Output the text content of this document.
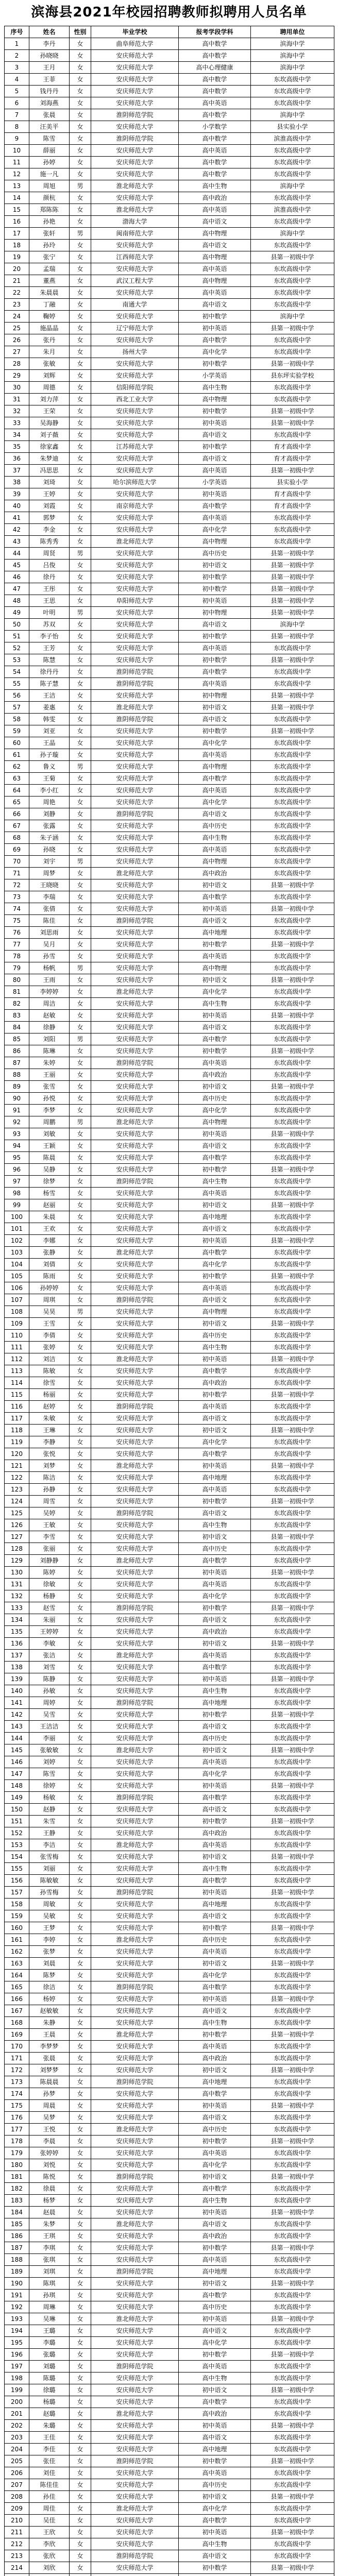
滨海县2021年校园招聘教师拟聘用人员名单
序号	姓名	性别	毕业学校	报考学段学科	聘用单位
1	李丹	女	曲阜师范大学	高中数学	滨海中学
2	孙晓晓	女	安庆师范大学	高中数学	滨海中学
3	王月	女	安庆师范大学	高中心理健康	滨海中学
4	王菲	女	安庆师范大学	高中数学	东坎高级中学
5	钱丹丹	女	安庆师范大学	高中数学	东坎高级中学
6	刘海燕	女	安庆师范大学	高中英语	东坎高级中学
7	张晨	女	淮阴师范学院	高中数学	滨海中学
8	汪美平	女	安庆师范大学	小学数学	县实验小学
9	陈雪	女	淮阴师范学院	高中数学	滨淮高级中学
10	薛丽	女	安庆师范大学	高中英语	东坎高级中学
11	孙婷	女	安庆师范大学	高中数学	东坎高级中学
12	施一凡	女	安庆师范大学	高中数学	东坎高级中学
13	周旭	男	淮北师范大学	高中生物	滨海中学
14	颜杭	女	安庆师范大学	高中政治	东坎高级中学
15	郑陈陈	女	淮北师范大学	高中英语	滨淮高级中学
16	孙艳	女	渤海大学	高中语文	东坎高级中学
17	张轩	男	闽南师范大学	高中物理	滨海中学
18	孙玲	女	安庆师范大学	高中语文	东坎高级中学
19	张宁	女	江西师范大学	高中物理	县第一初级中学
20	孟瑞	女	安庆师范大学	高中英语	东坎高级中学
21	董燕	女	武汉工程大学	高中物理	东坎高级中学
22	朱晨晨	女	安庆师范大学	高中英语	东坎高级中学
23	丁融	女	南通大学	高中语文	东坎高级中学
24	鞠婷	女	安庆师范大学	初中数学	滨海中学
25	施晶晶	女	辽宁师范大学	初中英语	县第一初级中学
26	张丹	女	安庆师范大学	高中数学	东坎高级中学
27	朱月	女	扬州大学	高中化学	东坎高级中学
28	张敏	女	安庆师范大学	初中数学	县第一初级中学
29	刘辉	女	安庆师范大学	小学英语	县东坪实验学校
30	周德	女	信阳师范学院	高中生物	东坎高级中学
31	刘力萍	女	西北工业大学	高中物理	东坎高级中学
32	王荣	女	安庆师范大学	初中数学	县第一初级中学
33	吴海静	女	安庆师范大学	初中英语	县第一初级中学
34	刘子薇	女	安庆师范大学	高中语文	东坎高级中学
35	徐家鑫	女	江苏师范大学	初中数学	育才高级中学
36	朱梦迪	女	安庆师范大学	高中语文	育才高级中学
37	冯思思	女	安庆师范大学	高中英语	县第一初级中学
38	刘琦	女	哈尔滨师范大学	小学英语	县实验小学
39	王婷	女	安庆师范大学	初中英语	育才高级中学
40	刘霞	女	南京师范大学	高中数学	育才高级中学
41	郭梦	女	安庆师范大学	高中英语	东坎高级中学
42	李金	女	安庆师范大学	高中化学	东坎高级中学
43	陈秀秀	女	淮北师范大学	高中物理	东坎高级中学
44	周贤	男	安庆师范大学	高中历史	县第一初级中学
45	吕俊	女	安庆师范大学	初中语文	县第一初级中学
46	徐丹	女	安庆师范大学	初中数学	县第一初级中学
47	王彤	女	安庆师范大学	初中数学	县第一初级中学
48	王思	女	阜阳师范大学	初中英语	县第一初级中学
49	叶明	男	安庆师范大学	初中物理	县第一初级中学
50	苏双	女	安庆师范大学	高中语文	滨海中学
51	李子怡	女	安庆师范大学	初中数学	县第一初级中学
52	王芳	女	安庆师范大学	高中英语	东坎高级中学
53	陈慧	女	安庆师范大学	初中数学	县第一初级中学
54	徐丹丹	女	淮阴师范学院	高中数学	东坎高级中学
55	陈子慧	女	淮阴师范学院	高中英语	东坎高级中学
56	王洁	女	安庆师范大学	初中物理	县第一初级中学
57	姜惠	女	淮北师范大学	初中语文	县第一初级中学
58	韩雯	女	淮阴师范学院	高中语文	东坎高级中学
59	刘亚	女	安庆师范大学	初中数学	县第一初级中学
60	王晶	女	安庆师范大学	高中化学	东坎高级中学
61	孙子璇	女	安庆师范大学	高中英语	东坎高级中学
62	鲁义	男	安庆师范大学	高中物理	东坎高级中学
63	王菊	女	安庆师范大学	高中数学	东坎高级中学
64	李小红	女	安庆师范大学	高中英语	东坎高级中学
65	周艳	女	安庆师范大学	高中化学	东坎高级中学
66	刘静	女	淮阴师范学院	高中语文	东坎高级中学
67	张露	女	安庆师范大学	高中历史	东坎高级中学
68	朱子涵	女	安庆师范大学	高中生物	东坎高级中学
69	孙晓	女	安庆师范大学	高中英语	东坎高级中学
70	刘宇	男	安庆师范大学	高中物理	东坎高级中学
71	周梦	女	淮北师范大学	高中政治	东坎高级中学
72	王晓晓	女	安庆师范大学	初中语文	县第一初级中学
73	李瑞	女	安庆师范大学	高中数学	东坎高级中学
74	张倩	女	安庆师范大学	初中英语	县第一初级中学
75	陈佳	女	淮阴师范学院	高中语文	东坎高级中学
76	刘思雨	女	安庆师范大学	高中地理	东坎高级中学
77	吴月	女	安庆师范大学	初中数学	县第一初级中学
78	孙雪	女	安庆师范大学	高中英语	东坎高级中学
79	杨帆	男	安庆师范大学	高中物理	东坎高级中学
80	王雨	女	安庆师范大学	初中语文	县第一初级中学
81	李婷婷	女	淮北师范大学	高中化学	东坎高级中学
82	周洁	女	安庆师范大学	高中生物	东坎高级中学
83	赵敏	女	安庆师范大学	初中英语	县第一初级中学
84	徐静	女	安庆师范大学	高中语文	东坎高级中学
85	刘阳	男	安庆师范大学	高中数学	东坎高级中学
86	陈琳	女	安庆师范大学	初中数学	县第一初级中学
87	朱婷	女	淮阴师范学院	高中英语	东坎高级中学
88	王丽	女	安庆师范大学	高中政治	东坎高级中学
89	张雪	女	安庆师范大学	初中语文	县第一初级中学
90	孙悦	女	安庆师范大学	高中历史	东坎高级中学
91	李梦	女	安庆师范大学	高中化学	东坎高级中学
92	周鹏	男	淮北师范大学	高中物理	东坎高级中学
93	刘敏	女	安庆师范大学	初中英语	县第一初级中学
94	王颖	女	安庆师范大学	高中语文	东坎高级中学
95	陈晨	女	安庆师范大学	高中数学	东坎高级中学
96	吴静	女	安庆师范大学	初中数学	县第一初级中学
97	徐梦	女	淮阴师范学院	高中生物	东坎高级中学
98	杨雪	女	安庆师范大学	高中英语	东坎高级中学
99	赵丽	女	安庆师范大学	初中语文	县第一初级中学
100	朱晨	女	安庆师范大学	高中地理	东坎高级中学
101	王欢	女	安庆师范大学	高中语文	东坎高级中学
102	李娜	女	安庆师范大学	初中英语	县第一初级中学
103	张静	女	淮北师范大学	高中数学	东坎高级中学
104	刘倩	女	安庆师范大学	高中化学	东坎高级中学
105	陈雨	女	安庆师范大学	初中数学	县第一初级中学
106	孙婷婷	女	安庆师范大学	高中英语	东坎高级中学
107	周琪	女	淮阴师范学院	高中语文	东坎高级中学
108	吴昊	男	安庆师范大学	高中物理	东坎高级中学
109	王雪	女	安庆师范大学	初中语文	县第一初级中学
110	李倩	女	安庆师范大学	高中历史	东坎高级中学
111	张婷	女	安庆师范大学	高中生物	东坎高级中学
112	刘洁	女	淮北师范大学	初中英语	县第一初级中学
113	陈敏	女	安庆师范大学	高中数学	东坎高级中学
114	徐雪	女	安庆师范大学	高中政治	东坎高级中学
115	杨丽	女	安庆师范大学	初中数学	县第一初级中学
116	赵婷	女	淮阴师范学院	高中英语	东坎高级中学
117	朱敏	女	安庆师范大学	高中语文	东坎高级中学
118	王琳	女	安庆师范大学	初中语文	县第一初级中学
119	李静	女	安庆师范大学	高中化学	东坎高级中学
120	张悦	女	安庆师范大学	高中数学	东坎高级中学
121	刘梦	女	淮北师范大学	初中英语	县第一初级中学
122	陈洁	女	安庆师范大学	高中地理	东坎高级中学
123	孙静	女	安庆师范大学	高中英语	东坎高级中学
124	周雪	女	安庆师范大学	初中数学	县第一初级中学
125	吴婷	女	淮阴师范学院	高中语文	东坎高级中学
126	王敏	女	安庆师范大学	高中生物	东坎高级中学
127	李雪	女	安庆师范大学	初中语文	县第一初级中学
128	张丽	女	安庆师范大学	高中历史	东坎高级中学
129	刘静静	女	淮北师范大学	高中数学	东坎高级中学
130	陈婷	女	安庆师范大学	初中英语	县第一初级中学
131	徐敏	女	安庆师范大学	高中英语	东坎高级中学
132	杨静	女	安庆师范大学	高中化学	东坎高级中学
133	赵雪	女	淮阴师范学院	初中数学	县第一初级中学
134	朱丽	女	安庆师范大学	高中语文	东坎高级中学
135	王婷婷	女	安庆师范大学	高中政治	东坎高级中学
136	李敏	女	安庆师范大学	初中语文	县第一初级中学
137	张洁	女	淮北师范大学	高中英语	东坎高级中学
138	刘雪	女	安庆师范大学	高中数学	东坎高级中学
139	陈静	女	安庆师范大学	初中英语	县第一初级中学
140	孙敏	女	安庆师范大学	高中生物	东坎高级中学
141	周婷	女	淮阴师范学院	高中地理	东坎高级中学
142	吴雪	女	安庆师范大学	初中数学	县第一初级中学
143	王洁洁	女	安庆师范大学	高中语文	东坎高级中学
144	李丽	女	安庆师范大学	高中历史	东坎高级中学
145	张敏敏	女	淮北师范大学	初中语文	县第一初级中学
146	刘婷	女	安庆师范大学	高中英语	东坎高级中学
147	陈雪	女	安庆师范大学	高中化学	东坎高级中学
148	徐婷	女	安庆师范大学	初中英语	县第一初级中学
149	杨敏	女	淮阴师范学院	高中数学	东坎高级中学
150	赵静	女	安庆师范大学	高中语文	东坎高级中学
151	朱雪	女	安庆师范大学	初中数学	县第一初级中学
152	王静	女	安庆师范大学	高中政治	东坎高级中学
153	李洁	女	淮北师范大学	高中英语	东坎高级中学
154	张雪梅	女	安庆师范大学	初中语文	县第一初级中学
155	刘丽	女	安庆师范大学	高中生物	东坎高级中学
156	陈敏敏	女	安庆师范大学	高中数学	东坎高级中学
157	孙雪梅	女	淮阴师范学院	初中英语	县第一初级中学
158	周敏	女	安庆师范大学	高中地理	东坎高级中学
159	吴敏	女	安庆师范大学	高中语文	东坎高级中学
160	王梦	女	安庆师范大学	初中数学	县第一初级中学
161	李婷	女	淮北师范大学	高中历史	东坎高级中学
162	张梦	女	安庆师范大学	高中英语	东坎高级中学
163	刘晨	女	安庆师范大学	初中语文	县第一初级中学
164	陈梦	女	安庆师范大学	高中化学	东坎高级中学
165	徐洁	女	淮阴师范学院	高中数学	东坎高级中学
166	杨婷	女	安庆师范大学	初中英语	县第一初级中学
167	赵敏敏	女	安庆师范大学	高中语文	东坎高级中学
168	朱静	女	安庆师范大学	高中生物	东坎高级中学
169	王晨	女	淮北师范大学	初中数学	县第一初级中学
170	李梦梦	女	安庆师范大学	高中英语	东坎高级中学
171	张晨	女	安庆师范大学	高中政治	东坎高级中学
172	刘梦梦	女	安庆师范大学	初中语文	县第一初级中学
173	陈晨晨	女	淮阴师范学院	高中地理	东坎高级中学
174	孙梦	女	安庆师范大学	高中数学	东坎高级中学
175	周晨	女	安庆师范大学	初中英语	县第一初级中学
176	吴梦	女	安庆师范大学	高中语文	东坎高级中学
177	王悦	女	淮北师范大学	高中历史	东坎高级中学
178	李晨	女	安庆师范大学	初中数学	县第一初级中学
179	张婷婷	女	安庆师范大学	高中英语	东坎高级中学
180	刘悦	女	安庆师范大学	高中化学	东坎高级中学
181	陈悦	女	淮阴师范学院	初中语文	县第一初级中学
182	徐晨	女	安庆师范大学	高中数学	东坎高级中学
183	杨梦	女	安庆师范大学	高中生物	东坎高级中学
184	赵晨	女	安庆师范大学	初中英语	县第一初级中学
185	朱梦	女	淮北师范大学	高中语文	东坎高级中学
186	王琪	女	安庆师范大学	高中政治	东坎高级中学
187	李琪	女	安庆师范大学	初中数学	县第一初级中学
188	张琪	女	安庆师范大学	高中英语	东坎高级中学
189	刘琪	女	淮阴师范学院	高中地理	东坎高级中学
190	陈琪	女	安庆师范大学	初中语文	县第一初级中学
191	孙琪	女	安庆师范大学	高中数学	东坎高级中学
192	周琳	女	安庆师范大学	高中历史	东坎高级中学
193	吴琳	女	淮北师范大学	初中英语	县第一初级中学
194	王璐	女	安庆师范大学	高中语文	东坎高级中学
195	李璐	女	安庆师范大学	高中化学	东坎高级中学
196	张璐	女	安庆师范大学	初中数学	县第一初级中学
197	刘璐	女	淮阴师范学院	高中英语	东坎高级中学
198	陈璐	女	安庆师范大学	高中生物	东坎高级中学
199	徐璐	女	安庆师范大学	初中语文	县第一初级中学
200	杨璐	女	安庆师范大学	高中数学	东坎高级中学
201	赵璐	女	淮北师范大学	高中政治	东坎高级中学
202	朱璐	女	安庆师范大学	初中英语	县第一初级中学
203	王佳	女	安庆师范大学	高中语文	东坎高级中学
204	李佳	女	安庆师范大学	高中地理	东坎高级中学
205	张佳	女	淮阴师范学院	初中数学	县第一初级中学
206	刘佳	女	安庆师范大学	高中英语	东坎高级中学
207	陈佳佳	女	安庆师范大学	高中历史	东坎高级中学
208	孙佳	女	安庆师范大学	初中语文	县第一初级中学
209	周佳	女	淮北师范大学	高中化学	东坎高级中学
210	吴佳	女	安庆师范大学	高中数学	东坎高级中学
211	王欣	女	安庆师范大学	初中英语	县第一初级中学
212	李欣	女	安庆师范大学	高中生物	东坎高级中学
213	张欣	女	淮阴师范学院	高中语文	东坎高级中学
214	刘欣	女	安庆师范大学	初中数学	县第一初级中学
